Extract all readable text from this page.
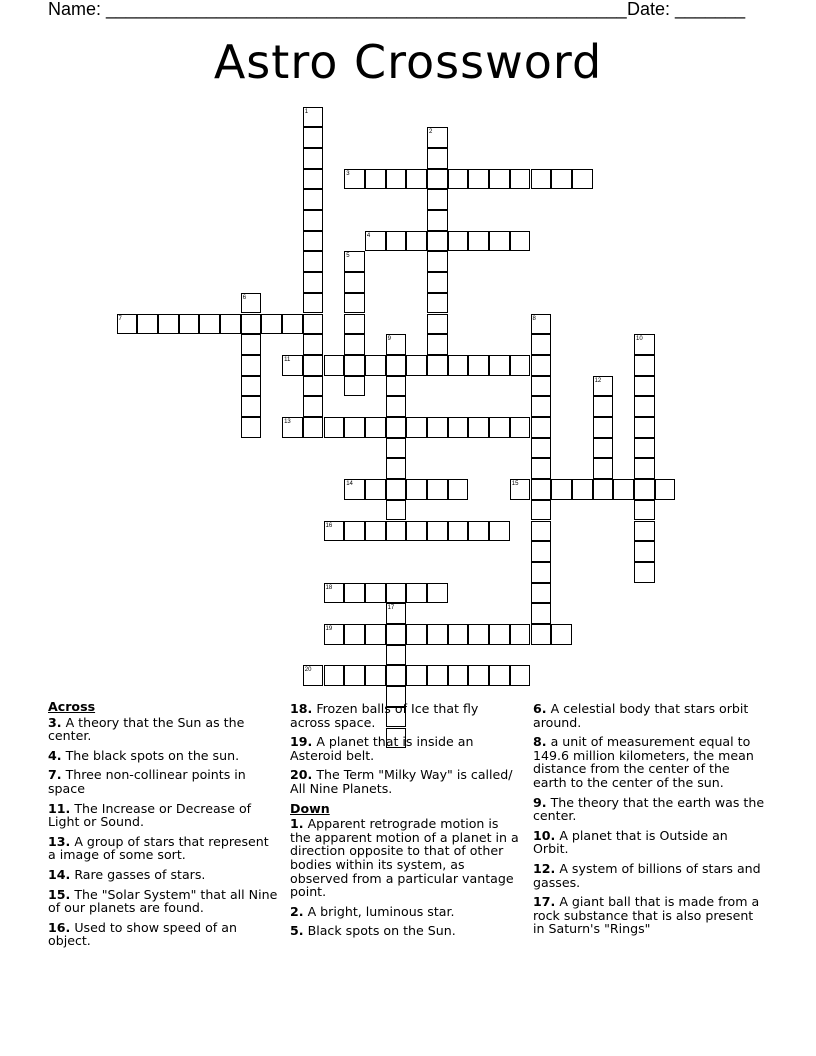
Name: ____________________________________________________ Date: _______
Astro Crossword
3
4
7
11
13
14	15
16
18
19
20
1
2
5
6
8
9	10
12
17
Across
3. A theory that the Sun as the center.
4. The black spots on the sun.
7. Three non-collinear points in space
11. The Increase or Decrease of Light or Sound.
13. A group of stars that represent a image of some sort.
14. Rare gasses of stars.
15. The "Solar System" that all Nine of our planets are found.
16. Used to show speed of an object.
18. Frozen balls of Ice that fly across space.
19. A planet that is inside an Asteroid belt.
20. The Term "Milky Way" is called/ All Nine Planets.
Down
1. Apparent retrograde motion is the apparent motion of a planet in a direction opposite to that of other bodies within its system, as observed from a particular vantage point.
2. A bright, luminous star.
5. Black spots on the Sun.
6. A celestial body that stars orbit around.
8. a unit of measurement equal to 149.6 million kilometers, the mean distance from the center of the earth to the center of the sun.
9. The theory that the earth was the center.
10. A planet that is Outside an Orbit.
12. A system of billions of stars and gasses.
17. A giant ball that is made from a rock substance that is also present in Saturn's "Rings"
